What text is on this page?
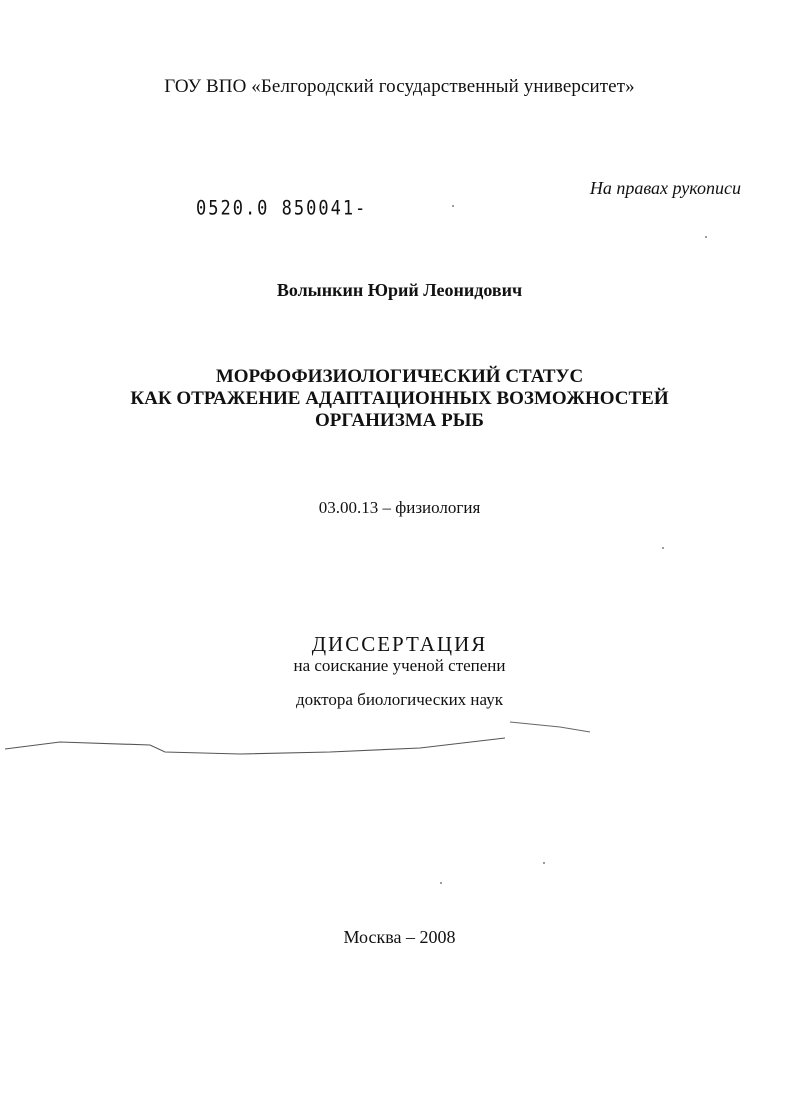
ГОУ ВПО «Белгородский государственный университет»
На правах рукописи
0520.0 850041-
Волынкин Юрий Леонидович
МОРФОФИЗИОЛОГИЧЕСКИЙ СТАТУС
КАК ОТРАЖЕНИЕ АДАПТАЦИОННЫХ ВОЗМОЖНОСТЕЙ
ОРГАНИЗМА РЫБ
03.00.13 – физиология
ДИССЕРТАЦИЯ
на соискание ученой степени
доктора биологических наук
Москва – 2008
